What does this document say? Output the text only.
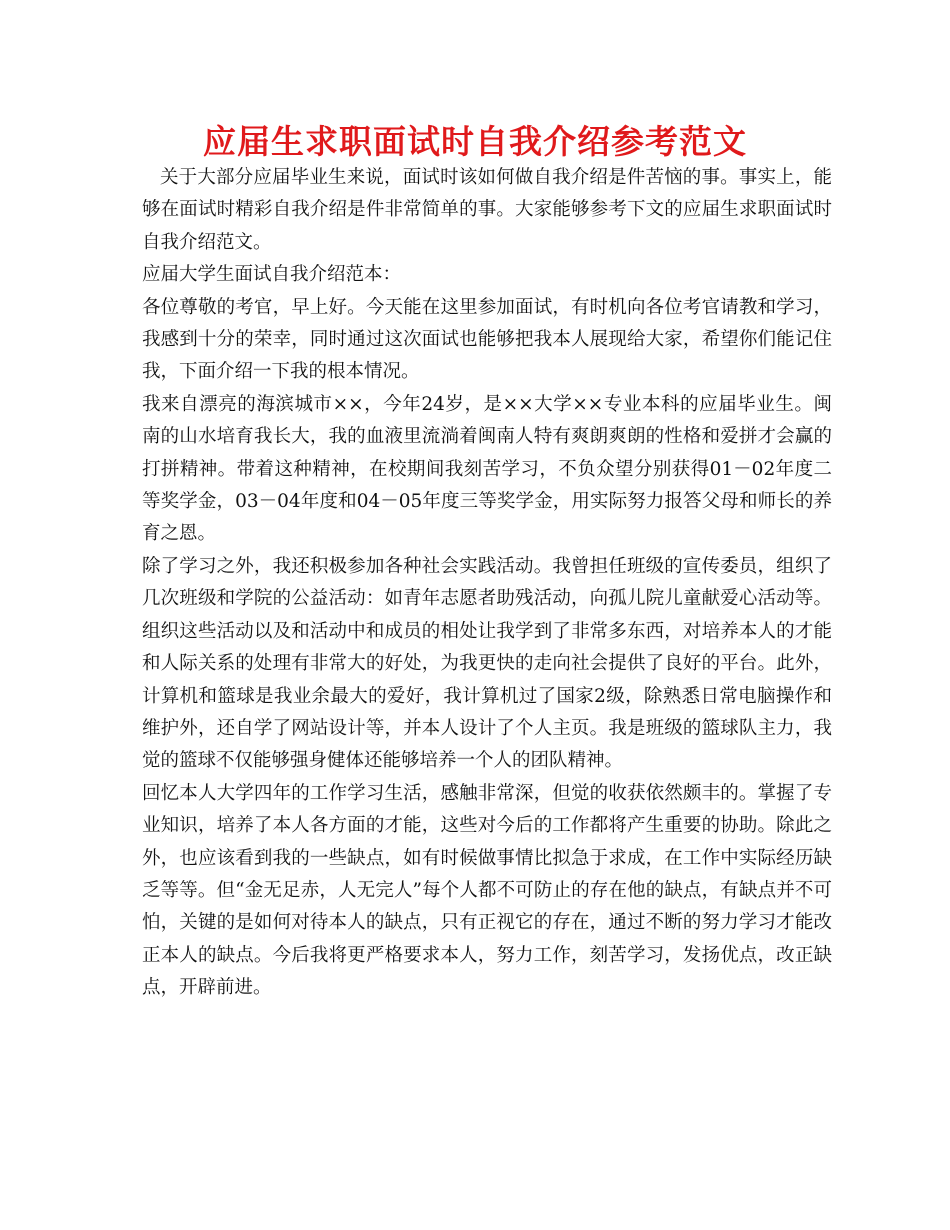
应届生求职面试时自我介绍参考范文

关于大部分应届毕业生来说，面试时该如何做自我介绍是件苦恼的事。事实上，能够在面试时精彩自我介绍是件非常简单的事。大家能够参考下文的应届生求职面试时自我介绍范文。

应届大学生面试自我介绍范本：

各位尊敬的考官，早上好。今天能在这里参加面试，有时机向各位考官请教和学习，我感到十分的荣幸，同时通过这次面试也能够把我本人展现给大家，希望你们能记住我，下面介绍一下我的根本情况。

我来自漂亮的海滨城市××，今年24岁，是××大学××专业本科的应届毕业生。闽南的山水培育我长大，我的血液里流淌着闽南人特有爽朗爽朗的性格和爱拼才会赢的打拼精神。带着这种精神，在校期间我刻苦学习，不负众望分别获得01－02年度二等奖学金，03－04年度和04－05年度三等奖学金，用实际努力报答父母和师长的养育之恩。

除了学习之外，我还积极参加各种社会实践活动。我曾担任班级的宣传委员，组织了几次班级和学院的公益活动：如青年志愿者助残活动，向孤儿院儿童献爱心活动等。组织这些活动以及和活动中和成员的相处让我学到了非常多东西，对培养本人的才能和人际关系的处理有非常大的好处，为我更快的走向社会提供了良好的平台。此外，计算机和篮球是我业余最大的爱好，我计算机过了国家2级，除熟悉日常电脑操作和维护外，还自学了网站设计等，并本人设计了个人主页。我是班级的篮球队主力，我觉的篮球不仅能够强身健体还能够培养一个人的团队精神。

回忆本人大学四年的工作学习生活，感触非常深，但觉的收获依然颇丰的。掌握了专业知识，培养了本人各方面的才能，这些对今后的工作都将产生重要的协助。除此之外，也应该看到我的一些缺点，如有时候做事情比拟急于求成，在工作中实际经历缺乏等等。但“金无足赤，人无完人”每个人都不可防止的存在他的缺点，有缺点并不可怕，关键的是如何对待本人的缺点，只有正视它的存在，通过不断的努力学习才能改正本人的缺点。今后我将更严格要求本人，努力工作，刻苦学习，发扬优点，改正缺点，开辟前进。
